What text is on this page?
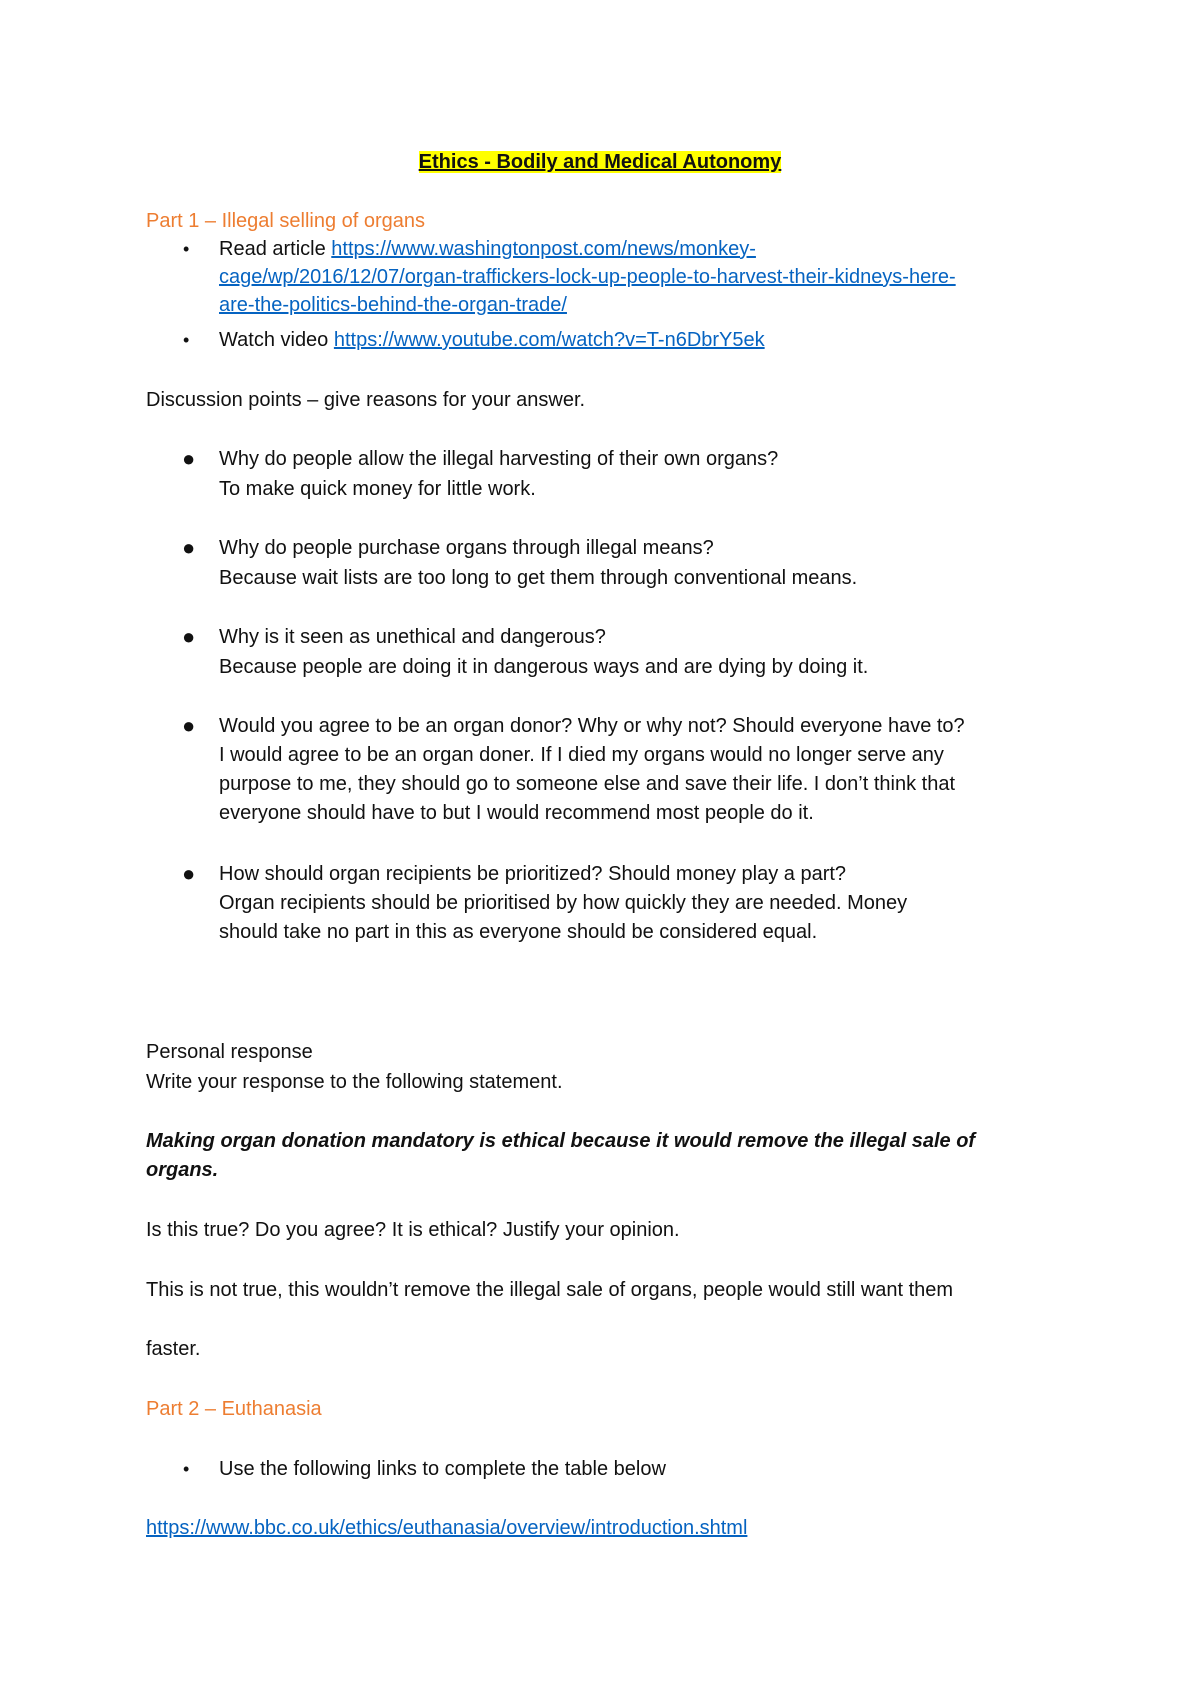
Ethics - Bodily and Medical Autonomy
Part 1 – Illegal selling of organs
• Read article https://www.washingtonpost.com/news/monkey-
cage/wp/2016/12/07/organ-traffickers-lock-up-people-to-harvest-their-kidneys-here-
are-the-politics-behind-the-organ-trade/
• Watch video https://www.youtube.com/watch?v=T-n6DbrY5ek
Discussion points – give reasons for your answer.
● Why do people allow the illegal harvesting of their own organs?
To make quick money for little work.
● Why do people purchase organs through illegal means?
Because wait lists are too long to get them through conventional means.
● Why is it seen as unethical and dangerous?
Because people are doing it in dangerous ways and are dying by doing it.
● Would you agree to be an organ donor? Why or why not? Should everyone have to?
I would agree to be an organ doner. If I died my organs would no longer serve any
purpose to me, they should go to someone else and save their life. I don’t think that
everyone should have to but I would recommend most people do it.
● How should organ recipients be prioritized? Should money play a part?
Organ recipients should be prioritised by how quickly they are needed. Money
should take no part in this as everyone should be considered equal.
Personal response
Write your response to the following statement.
Making organ donation mandatory is ethical because it would remove the illegal sale of
organs.
Is this true? Do you agree? It is ethical? Justify your opinion.
This is not true, this wouldn’t remove the illegal sale of organs, people would still want them
faster.
Part 2 – Euthanasia
• Use the following links to complete the table below
https://www.bbc.co.uk/ethics/euthanasia/overview/introduction.shtml
